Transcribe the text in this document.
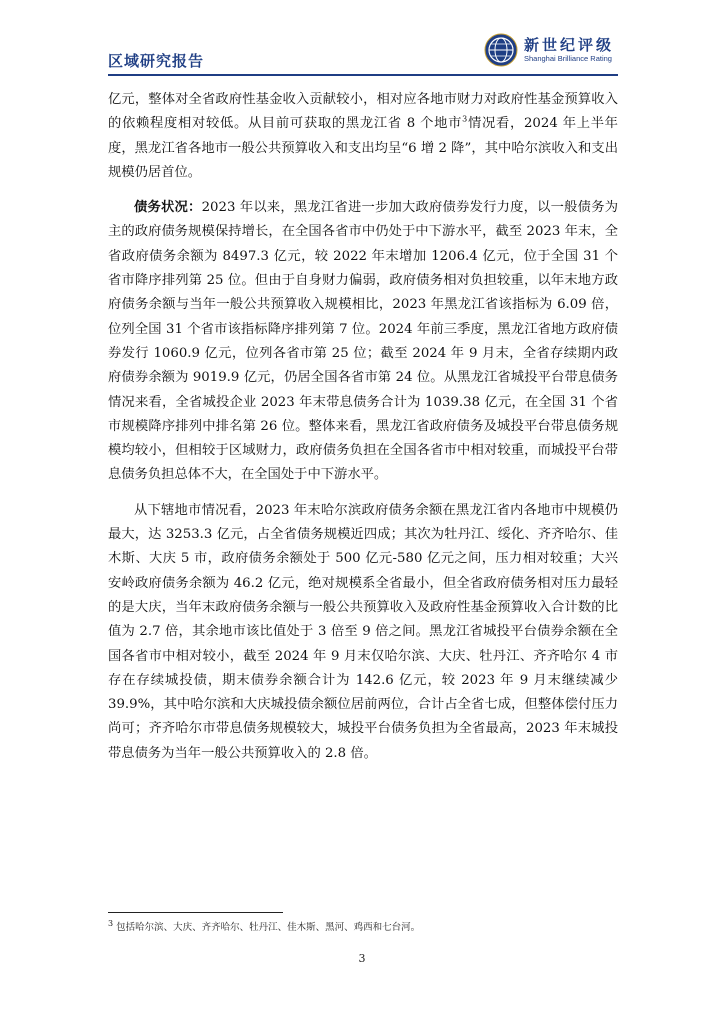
区域研究报告
新世纪评级
Shanghai Brilliance Rating

亿元，整体对全省政府性基金收入贡献较小，相对应各地市财力对政府性基金预算收入的依赖程度相对较低。从目前可获取的黑龙江省 8 个地市$^3$情况看，2024 年上半年度，黑龙江省各地市一般公共预算收入和支出均呈“6 增 2 降”，其中哈尔滨收入和支出规模仍居首位。

债务状况：2023 年以来，黑龙江省进一步加大政府债券发行力度，以一般债务为主的政府债务规模保持增长，在全国各省市中仍处于中下游水平，截至 2023 年末，全省政府债务余额为 8497.3 亿元，较 2022 年末增加 1206.4 亿元，位于全国 31 个省市降序排列第 25 位。但由于自身财力偏弱，政府债务相对负担较重，以年末地方政府债务余额与当年一般公共预算收入规模相比，2023 年黑龙江省该指标为 6.09 倍，位列全国 31 个省市该指标降序排列第 7 位。2024 年前三季度，黑龙江省地方政府债券发行 1060.9 亿元，位列各省市第 25 位；截至 2024 年 9 月末，全省存续期内政府债券余额为 9019.9 亿元，仍居全国各省市第 24 位。从黑龙江省城投平台带息债务情况来看，全省城投企业 2023 年末带息债务合计为 1039.38 亿元，在全国 31 个省市规模降序排列中排名第 26 位。整体来看，黑龙江省政府债务及城投平台带息债务规模均较小，但相较于区域财力，政府债务负担在全国各省市中相对较重，而城投平台带息债务负担总体不大，在全国处于中下游水平。

从下辖地市情况看，2023 年末哈尔滨政府债务余额在黑龙江省内各地市中规模仍最大，达 3253.3 亿元，占全省债务规模近四成；其次为牡丹江、绥化、齐齐哈尔、佳木斯、大庆 5 市，政府债务余额处于 500 亿元-580 亿元之间，压力相对较重；大兴安岭政府债务余额为 46.2 亿元，绝对规模系全省最小，但全省政府债务相对压力最轻的是大庆，当年末政府债务余额与一般公共预算收入及政府性基金预算收入合计数的比值为 2.7 倍，其余地市该比值处于 3 倍至 9 倍之间。黑龙江省城投平台债券余额在全国各省市中相对较小，截至 2024 年 9 月末仅哈尔滨、大庆、牡丹江、齐齐哈尔 4 市存在存续城投债，期末债券余额合计为 142.6 亿元，较 2023 年 9 月末继续减少 39.9%，其中哈尔滨和大庆城投债余额位居前两位，合计占全省七成，但整体偿付压力尚可；齐齐哈尔市带息债务规模较大，城投平台债务负担为全省最高，2023 年末城投带息债务为当年一般公共预算收入的 2.8 倍。

$^3$ 包括哈尔滨、大庆、齐齐哈尔、牡丹江、佳木斯、黑河、鸡西和七台河。
3
